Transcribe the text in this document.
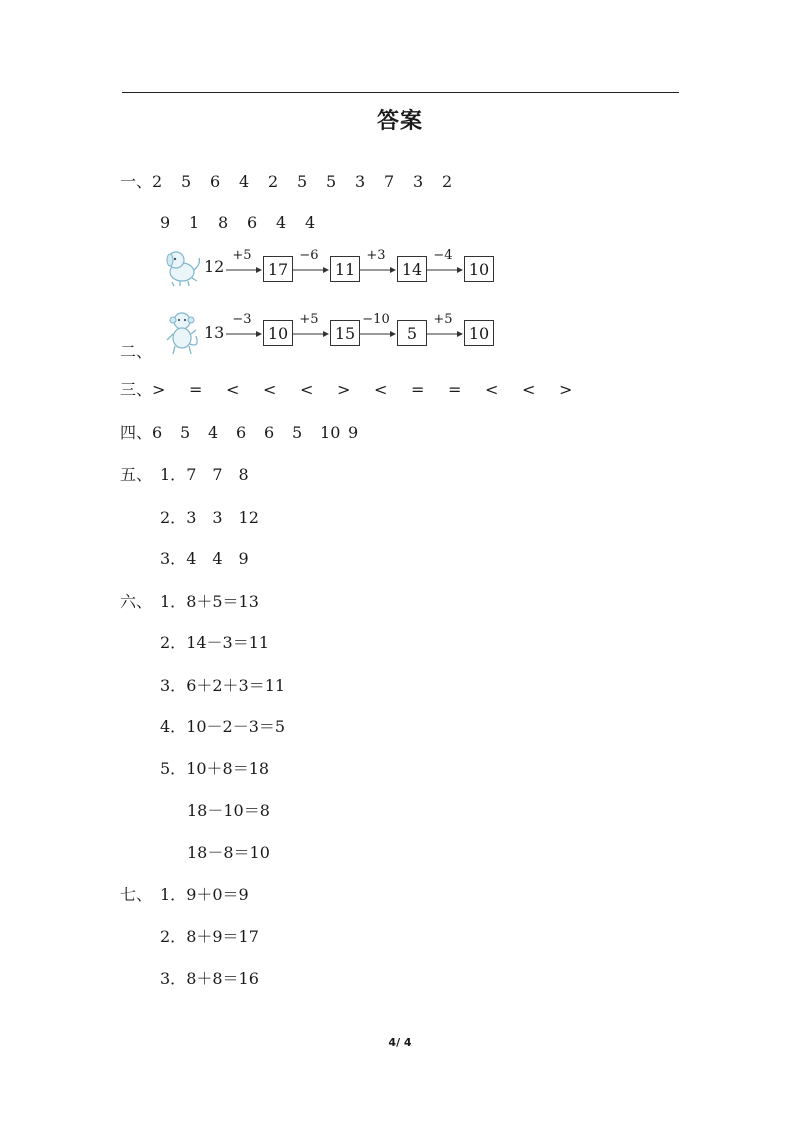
答案
一、2 5 6 4 2 5 5 3 7 3 2
9 1 8 6 4 4
二、
12
+5
17
−6
11
+3
14
−4
10
13
−3
10
+5
15
−10
5
+5
10
三、> = < < < > < = = < < >
四、6 5 4 6 6 5 10 9
五、 1．7　7　8
2．3　3　12
3．4　4　9
六、 1．8＋5＝13
2．14－3＝11
3．6＋2＋3＝11
4．10－2－3＝5
5．10＋8＝18
18－10＝8
18－8＝10
七、 1．9＋0＝9
2．8＋9＝17
3．8＋8＝16
4/ 4
